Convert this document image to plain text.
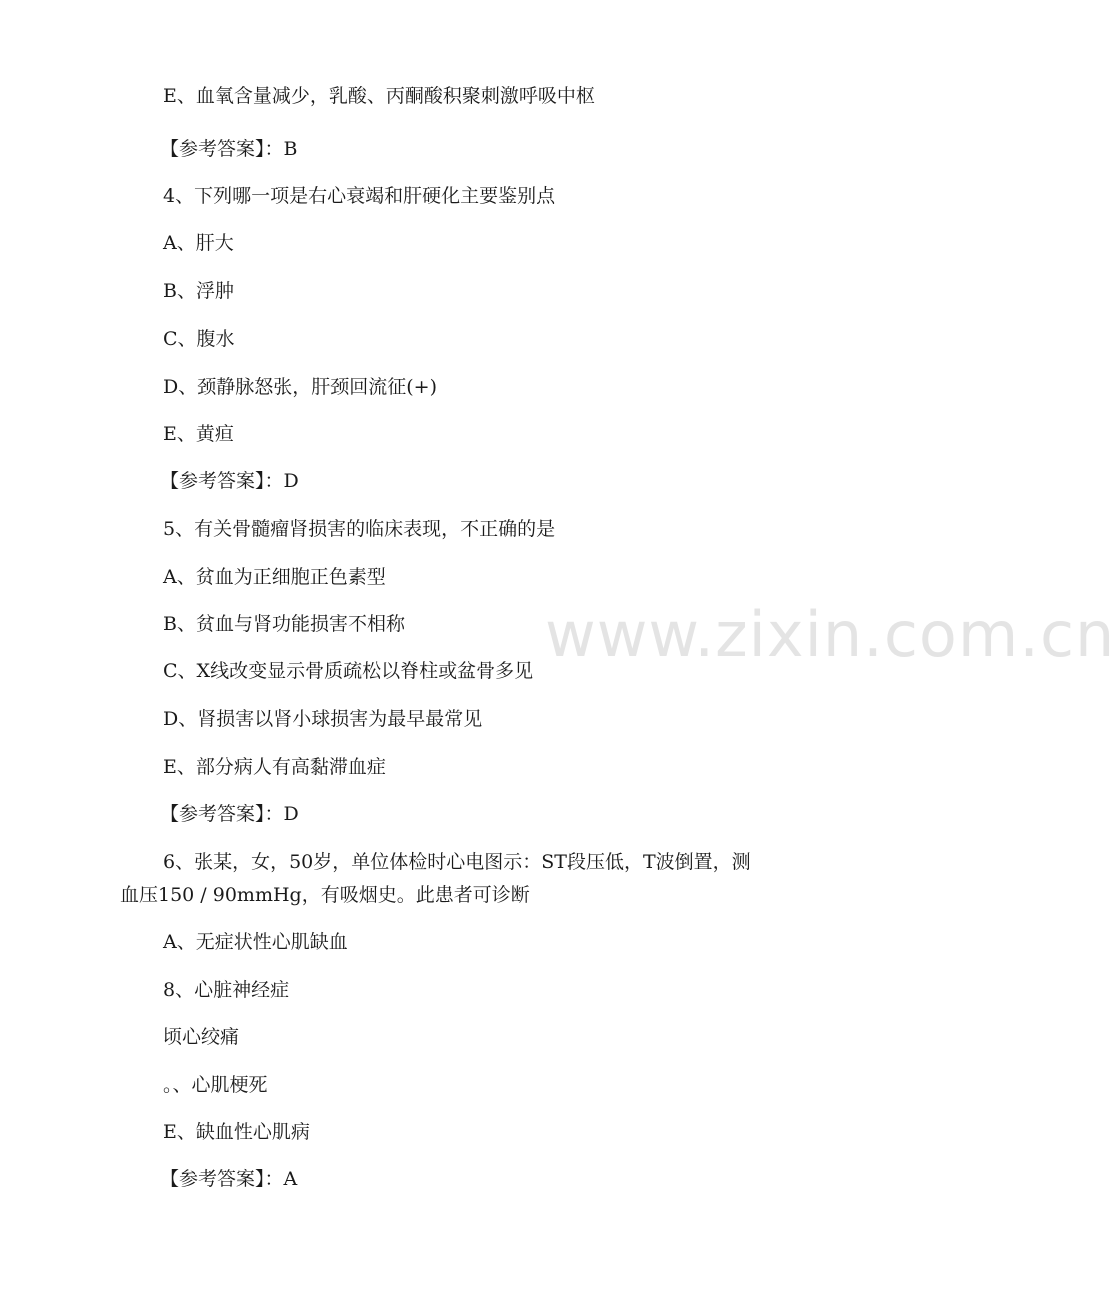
E、血氧含量减少，乳酸、丙酮酸积聚刺激呼吸中枢
【参考答案】：B
4、下列哪一项是右心衰竭和肝硬化主要鉴别点
A、肝大
B、浮肿
C、腹水
D、颈静脉怒张，肝颈回流征(+)
E、黄疸
【参考答案】：D
5、有关骨髓瘤肾损害的临床表现，不正确的是
A、贫血为正细胞正色素型
B、贫血与肾功能损害不相称
C、X线改变显示骨质疏松以脊柱或盆骨多见
D、肾损害以肾小球损害为最早最常见
E、部分病人有高黏滞血症
【参考答案】：D
6、张某，女，50岁，单位体检时心电图示：ST段压低，T波倒置，测
血压150 / 90mmHg，有吸烟史。此患者可诊断
A、无症状性心肌缺血
8、心脏神经症
顷心绞痛
。、心肌梗死
E、缺血性心肌病
【参考答案】：A
www.zixin.com.cn
